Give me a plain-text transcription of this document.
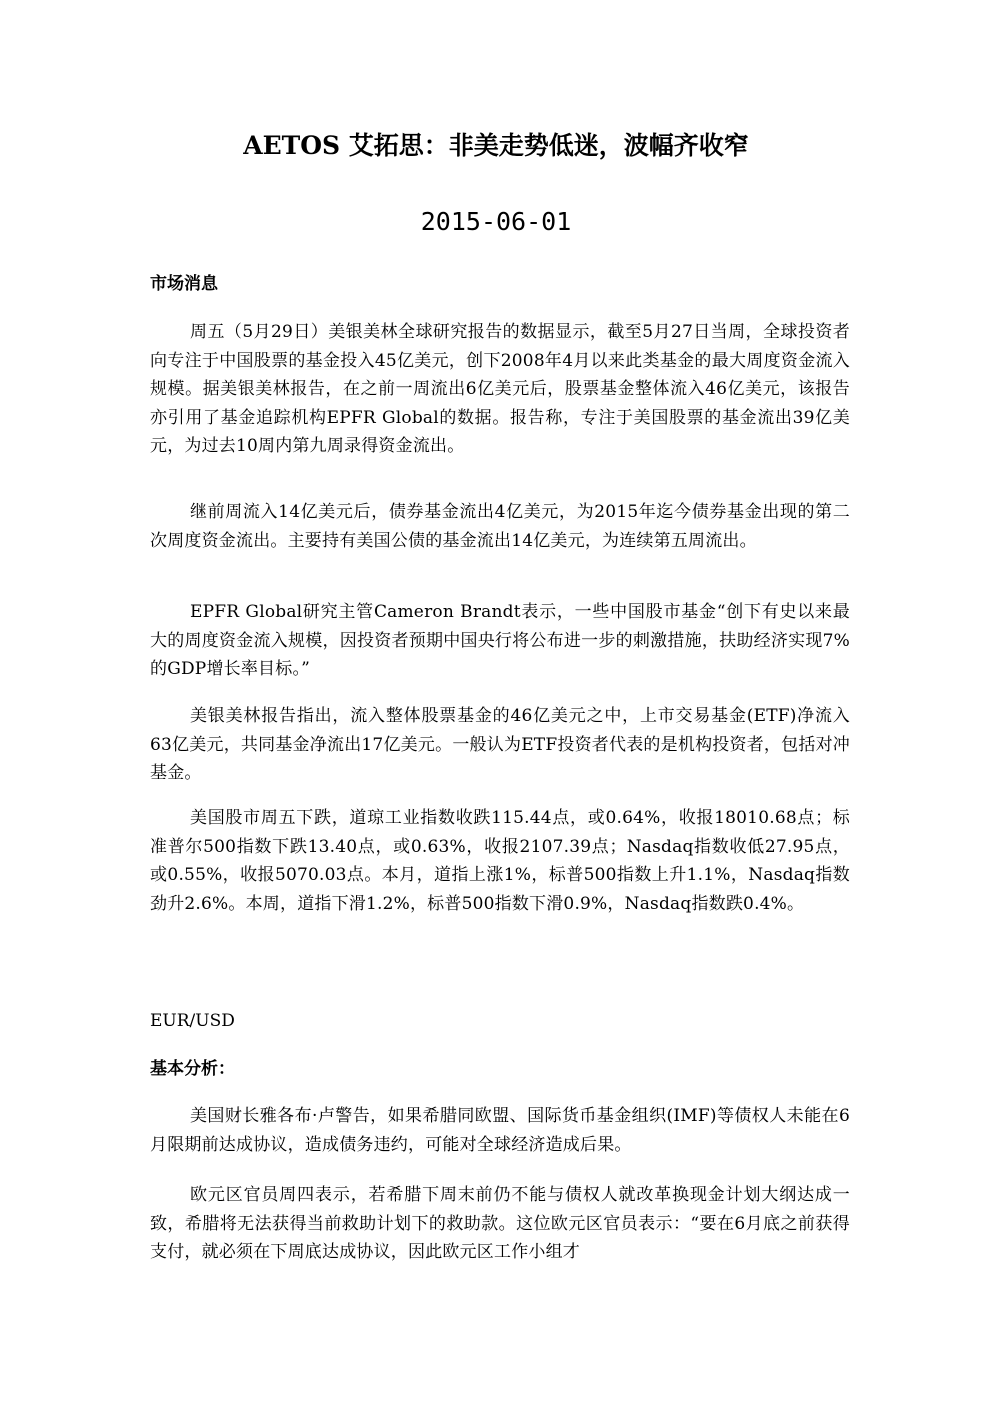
AETOS 艾拓思：非美走势低迷，波幅齐收窄
2015-06-01
市场消息

周五（5月29日）美银美林全球研究报告的数据显示，截至5月27日当周，全球投资者向专注于中国股票的基金投入45亿美元，创下2008年4月以来此类基金的最大周度资金流入规模。据美银美林报告，在之前一周流出6亿美元后，股票基金整体流入46亿美元，该报告亦引用了基金追踪机构EPFR Global的数据。报告称，专注于美国股票的基金流出39亿美元，为过去10周内第九周录得资金流出。

继前周流入14亿美元后，债券基金流出4亿美元，为2015年迄今债券基金出现的第二次周度资金流出。主要持有美国公债的基金流出14亿美元，为连续第五周流出。

EPFR Global研究主管Cameron Brandt表示，一些中国股市基金“创下有史以来最大的周度资金流入规模，因投资者预期中国央行将公布进一步的刺激措施，扶助经济实现7%的GDP增长率目标。”

美银美林报告指出，流入整体股票基金的46亿美元之中，上市交易基金(ETF)净流入63亿美元，共同基金净流出17亿美元。一般认为ETF投资者代表的是机构投资者，包括对冲基金。

美国股市周五下跌，道琼工业指数收跌115.44点，或0.64%，收报18010.68点；标准普尔500指数下跌13.40点，或0.63%，收报2107.39点；Nasdaq指数收低27.95点，或0.55%，收报5070.03点。本月，道指上涨1%，标普500指数上升1.1%，Nasdaq指数劲升2.6%。本周，道指下滑1.2%，标普500指数下滑0.9%，Nasdaq指数跌0.4%。

EUR/USD
基本分析：

美国财长雅各布·卢警告，如果希腊同欧盟、国际货币基金组织(IMF)等债权人未能在6月限期前达成协议，造成债务违约，可能对全球经济造成后果。

欧元区官员周四表示，若希腊下周末前仍不能与债权人就改革换现金计划大纲达成一致，希腊将无法获得当前救助计划下的救助款。这位欧元区官员表示：“要在6月底之前获得支付，就必须在下周底达成协议，因此欧元区工作小组才
